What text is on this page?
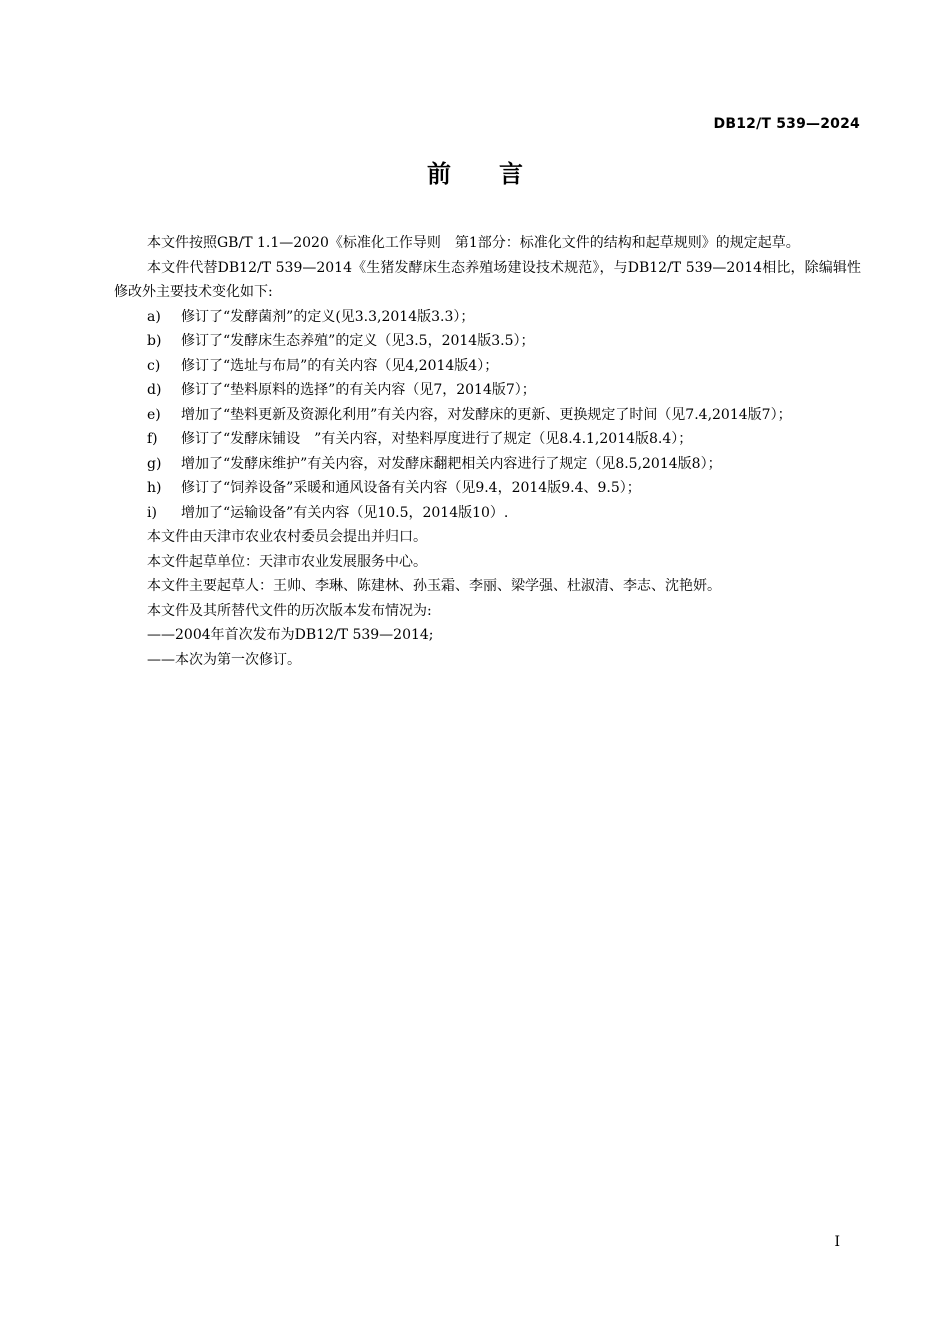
DB12/T 539—2024
前言

本文件按照GB/T 1.1—2020《标准化工作导则　第1部分：标准化文件的结构和起草规则》的规定起草。

本文件代替DB12/T 539—2014《生猪发酵床生态养殖场建设技术规范》，与DB12/T 539—2014相比，除编辑性修改外主要技术变化如下:

a) 修订了“发酵菌剂”的定义(见3.3,2014版3.3）；

b) 修订了“发酵床生态养殖”的定义（见3.5，2014版3.5）；

c) 修订了“选址与布局”的有关内容（见4,2014版4）；

d) 修订了“垫料原料的选择”的有关内容（见7，2014版7）；

e) 增加了“垫料更新及资源化利用”有关内容，对发酵床的更新、更换规定了时间（见7.4,2014版7）；

f) 修订了“发酵床铺设　”有关内容，对垫料厚度进行了规定（见8.4.1,2014版8.4）；

g) 增加了“发酵床维护”有关内容，对发酵床翻耙相关内容进行了规定（见8.5,2014版8）；

h) 修订了“饲养设备”采暖和通风设备有关内容（见9.4，2014版9.4、9.5）；

i) 增加了“运输设备”有关内容（见10.5，2014版10）.

本文件由天津市农业农村委员会提出并归口。

本文件起草单位：天津市农业发展服务中心。

本文件主要起草人：王帅、李琳、陈建林、孙玉霜、李丽、梁学强、杜淑清、李志、沈艳妍。

本文件及其所替代文件的历次版本发布情况为:

——2004年首次发布为DB12/T 539—2014;

——本次为第一次修订。

I
